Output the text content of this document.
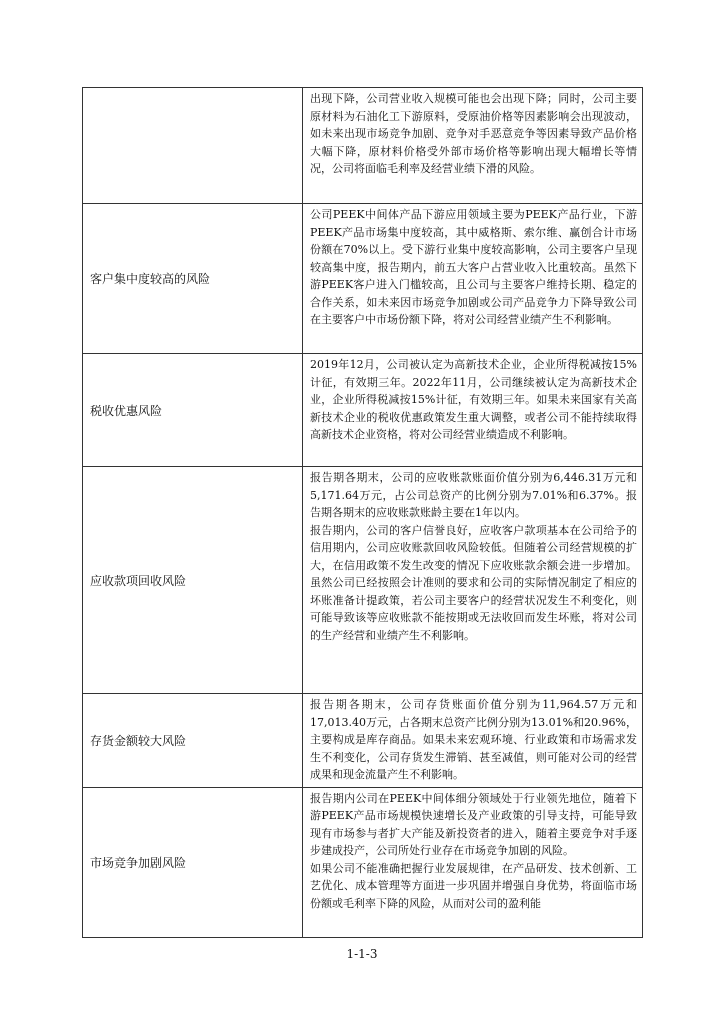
	出现下降，公司营业收入规模可能也会出现下降；同时，公司主要原材料为石油化工下游原料，受原油价格等因素影响会出现波动，如未来出现市场竞争加剧、竞争对手恶意竞争等因素导致产品价格大幅下降，原材料价格受外部市场价格等影响出现大幅增长等情况，公司将面临毛利率及经营业绩下滑的风险。

客户集中度较高的风险	公司PEEK中间体产品下游应用领域主要为PEEK产品行业，下游PEEK产品市场集中度较高，其中威格斯、索尔维、赢创合计市场份额在70%以上。受下游行业集中度较高影响，公司主要客户呈现较高集中度，报告期内，前五大客户占营业收入比重较高。虽然下游PEEK客户进入门槛较高，且公司与主要客户维持长期、稳定的合作关系，如未来因市场竞争加剧或公司产品竞争力下降导致公司在主要客户中市场份额下降，将对公司经营业绩产生不利影响。

税收优惠风险	2019年12月，公司被认定为高新技术企业，企业所得税减按15%计征，有效期三年。2022年11月，公司继续被认定为高新技术企业，企业所得税减按15%计征，有效期三年。如果未来国家有关高新技术企业的税收优惠政策发生重大调整，或者公司不能持续取得高新技术企业资格，将对公司经营业绩造成不利影响。

应收款项回收风险	报告期各期末，公司的应收账款账面价值分别为6,446.31万元和5,171.64万元，占公司总资产的比例分别为7.01%和6.37%。报告期各期末的应收账款账龄主要在1年以内。

报告期内，公司的客户信誉良好，应收客户款项基本在公司给予的信用期内，公司应收账款回收风险较低。但随着公司经营规模的扩大，在信用政策不发生改变的情况下应收账款余额会进一步增加。虽然公司已经按照会计准则的要求和公司的实际情况制定了相应的坏账准备计提政策，若公司主要客户的经营状况发生不利变化，则可能导致该等应收账款不能按期或无法收回而发生坏账，将对公司的生产经营和业绩产生不利影响。

存货金额较大风险	报告期各期末，公司存货账面价值分别为11,964.57万元和17,013.40万元，占各期末总资产比例分别为13.01%和20.96%，主要构成是库存商品。如果未来宏观环境、行业政策和市场需求发生不利变化，公司存货发生滞销、甚至减值，则可能对公司的经营成果和现金流量产生不利影响。

市场竞争加剧风险	报告期内公司在PEEK中间体细分领域处于行业领先地位，随着下游PEEK产品市场规模快速增长及产业政策的引导支持，可能导致现有市场参与者扩大产能及新投资者的进入，随着主要竞争对手逐步建成投产，公司所处行业存在市场竞争加剧的风险。

如果公司不能准确把握行业发展规律，在产品研发、技术创新、工艺优化、成本管理等方面进一步巩固并增强自身优势，将面临市场份额或毛利率下降的风险，从而对公司的盈利能

1-1-3
